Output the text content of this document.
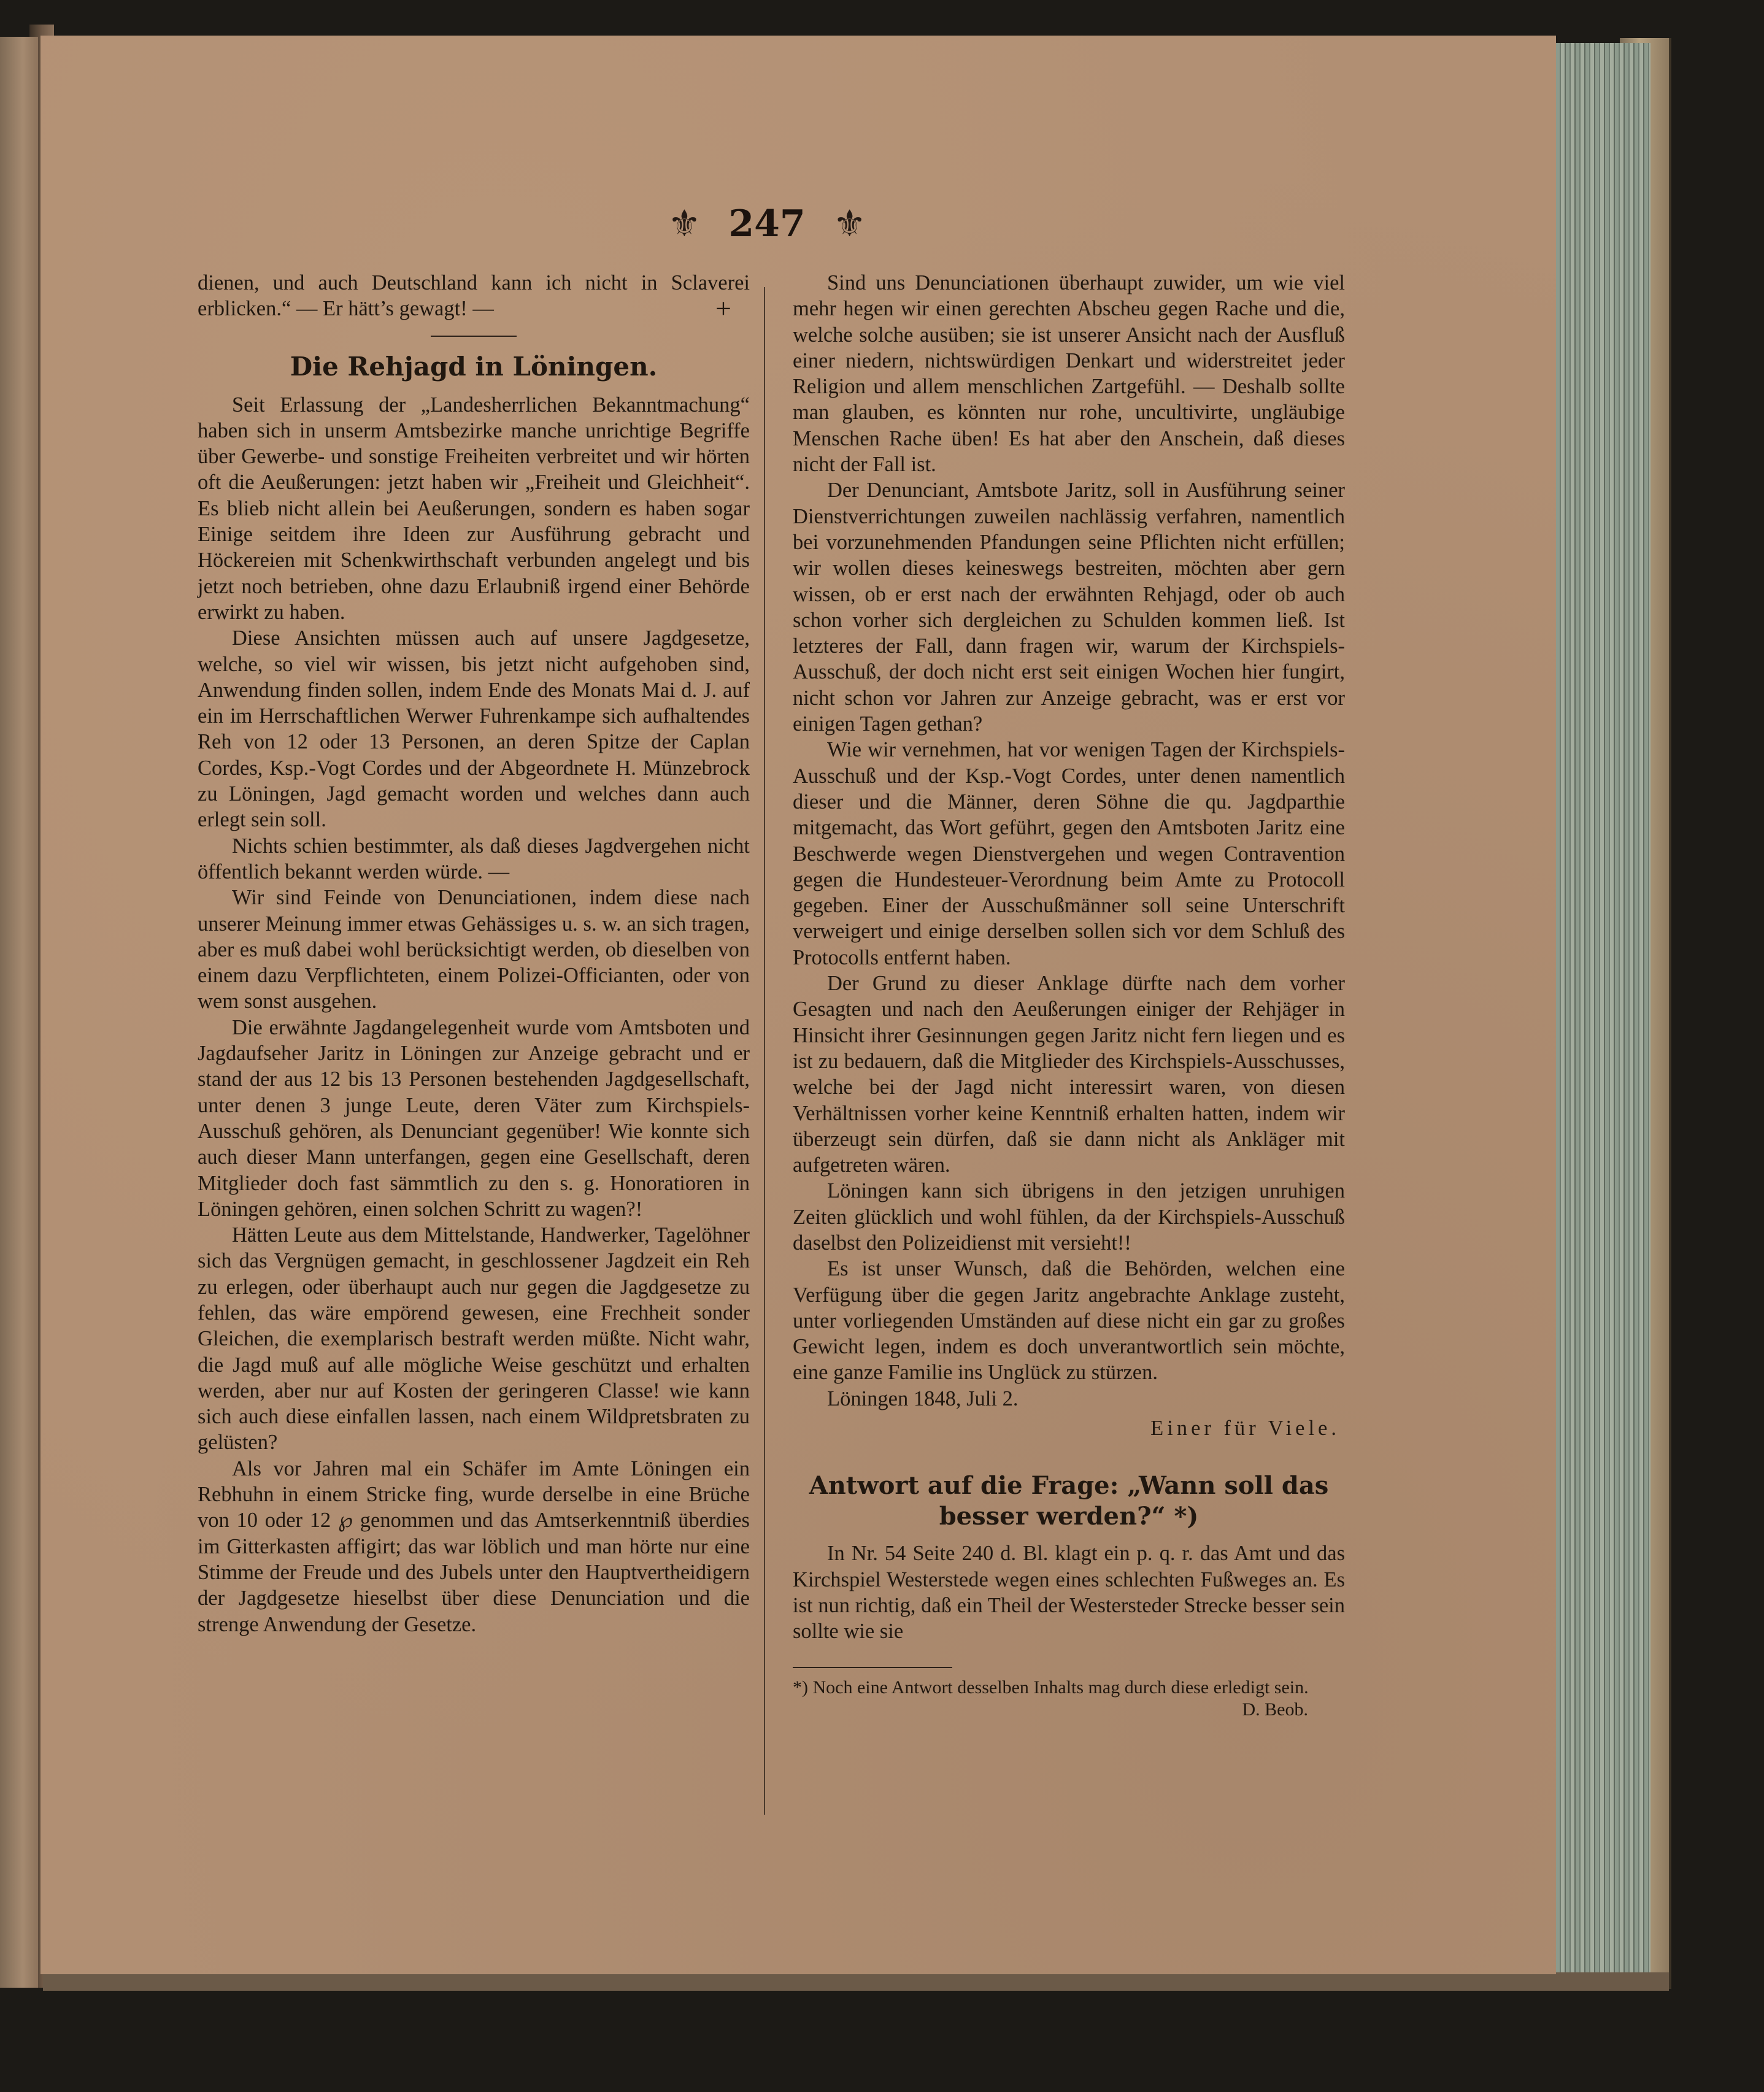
⚜ 247 ⚜

dienen, und auch Deutschland kann ich nicht in Sclaverei erblicken.“ — Er hätt’s gewagt! —	+

Die Rehjagd in Löningen.

Seit Erlassung der „Landesherrlichen Bekanntmachung“ haben sich in unserm Amtsbezirke manche unrichtige Begriffe über Gewerbe- und sonstige Freiheiten verbreitet und wir hörten oft die Aeußerungen: jetzt haben wir „Freiheit und Gleichheit“. Es blieb nicht allein bei Aeußerungen, sondern es haben sogar Einige seitdem ihre Ideen zur Ausführung gebracht und Höckereien mit Schenkwirthschaft verbunden angelegt und bis jetzt noch betrieben, ohne dazu Erlaubniß irgend einer Behörde erwirkt zu haben.

Diese Ansichten müssen auch auf unsere Jagdgesetze, welche, so viel wir wissen, bis jetzt nicht aufgehoben sind, Anwendung finden sollen, indem Ende des Monats Mai d. J. auf ein im Herrschaftlichen Werwer Fuhrenkampe sich aufhaltendes Reh von 12 oder 13 Personen, an deren Spitze der Caplan Cordes, Ksp.-Vogt Cordes und der Abgeordnete H. Münzebrock zu Löningen, Jagd gemacht worden und welches dann auch erlegt sein soll.

Nichts schien bestimmter, als daß dieses Jagdvergehen nicht öffentlich bekannt werden würde. —

Wir sind Feinde von Denunciationen, indem diese nach unserer Meinung immer etwas Gehässiges u. s. w. an sich tragen, aber es muß dabei wohl berücksichtigt werden, ob dieselben von einem dazu Verpflichteten, einem Polizei-Officianten, oder von wem sonst ausgehen.

Die erwähnte Jagdangelegenheit wurde vom Amtsboten und Jagdaufseher Jaritz in Löningen zur Anzeige gebracht und er stand der aus 12 bis 13 Personen bestehenden Jagdgesellschaft, unter denen 3 junge Leute, deren Väter zum Kirchspiels-Ausschuß gehören, als Denunciant gegenüber! Wie konnte sich auch dieser Mann unterfangen, gegen eine Gesellschaft, deren Mitglieder doch fast sämmtlich zu den s. g. Honoratioren in Löningen gehören, einen solchen Schritt zu wagen?!

Hätten Leute aus dem Mittelstande, Handwerker, Tagelöhner sich das Vergnügen gemacht, in geschlossener Jagdzeit ein Reh zu erlegen, oder überhaupt auch nur gegen die Jagdgesetze zu fehlen, das wäre empörend gewesen, eine Frechheit sonder Gleichen, die exemplarisch bestraft werden müßte. Nicht wahr, die Jagd muß auf alle mögliche Weise geschützt und erhalten werden, aber nur auf Kosten der geringeren Classe! wie kann sich auch diese einfallen lassen, nach einem Wildpretsbraten zu gelüsten?

Als vor Jahren mal ein Schäfer im Amte Löningen ein Rebhuhn in einem Stricke fing, wurde derselbe in eine Brüche von 10 oder 12 ℘ genommen und das Amtserkenntniß überdies im Gitterkasten affigirt; das war löblich und man hörte nur eine Stimme der Freude und des Jubels unter den Hauptvertheidigern der Jagdgesetze hieselbst über diese Denunciation und die strenge Anwendung der Gesetze.

Sind uns Denunciationen überhaupt zuwider, um wie viel mehr hegen wir einen gerechten Abscheu gegen Rache und die, welche solche ausüben; sie ist unserer Ansicht nach der Ausfluß einer niedern, nichtswürdigen Denkart und widerstreitet jeder Religion und allem menschlichen Zartgefühl. — Deshalb sollte man glauben, es könnten nur rohe, uncultivirte, ungläubige Menschen Rache üben! Es hat aber den Anschein, daß dieses nicht der Fall ist.

Der Denunciant, Amtsbote Jaritz, soll in Ausführung seiner Dienstverrichtungen zuweilen nachlässig verfahren, namentlich bei vorzunehmenden Pfandungen seine Pflichten nicht erfüllen; wir wollen dieses keineswegs bestreiten, möchten aber gern wissen, ob er erst nach der erwähnten Rehjagd, oder ob auch schon vorher sich dergleichen zu Schulden kommen ließ. Ist letzteres der Fall, dann fragen wir, warum der Kirchspiels-Ausschuß, der doch nicht erst seit einigen Wochen hier fungirt, nicht schon vor Jahren zur Anzeige gebracht, was er erst vor einigen Tagen gethan?

Wie wir vernehmen, hat vor wenigen Tagen der Kirchspiels-Ausschuß und der Ksp.-Vogt Cordes, unter denen namentlich dieser und die Männer, deren Söhne die qu. Jagdparthie mitgemacht, das Wort geführt, gegen den Amtsboten Jaritz eine Beschwerde wegen Dienstvergehen und wegen Contravention gegen die Hundesteuer-Verordnung beim Amte zu Protocoll gegeben. Einer der Ausschußmänner soll seine Unterschrift verweigert und einige derselben sollen sich vor dem Schluß des Protocolls entfernt haben.

Der Grund zu dieser Anklage dürfte nach dem vorher Gesagten und nach den Aeußerungen einiger der Rehjäger in Hinsicht ihrer Gesinnungen gegen Jaritz nicht fern liegen und es ist zu bedauern, daß die Mitglieder des Kirchspiels-Ausschusses, welche bei der Jagd nicht interessirt waren, von diesen Verhältnissen vorher keine Kenntniß erhalten hatten, indem wir überzeugt sein dürfen, daß sie dann nicht als Ankläger mit aufgetreten wären.

Löningen kann sich übrigens in den jetzigen unruhigen Zeiten glücklich und wohl fühlen, da der Kirchspiels-Ausschuß daselbst den Polizeidienst mit versieht!!

Es ist unser Wunsch, daß die Behörden, welchen eine Verfügung über die gegen Jaritz angebrachte Anklage zusteht, unter vorliegenden Umständen auf diese nicht ein gar zu großes Gewicht legen, indem es doch unverantwortlich sein möchte, eine ganze Familie ins Unglück zu stürzen.

Löningen 1848, Juli 2.

Einer für Viele.
Antwort auf die Frage: „Wann soll das besser werden?“ *)

In Nr. 54 Seite 240 d. Bl. klagt ein p. q. r. das Amt und das Kirchspiel Westerstede wegen eines schlechten Fußweges an. Es ist nun richtig, daß ein Theil der Westersteder Strecke besser sein sollte wie sie

*) Noch eine Antwort desselben Inhalts mag durch diese erledigt sein.
D. Beob.
